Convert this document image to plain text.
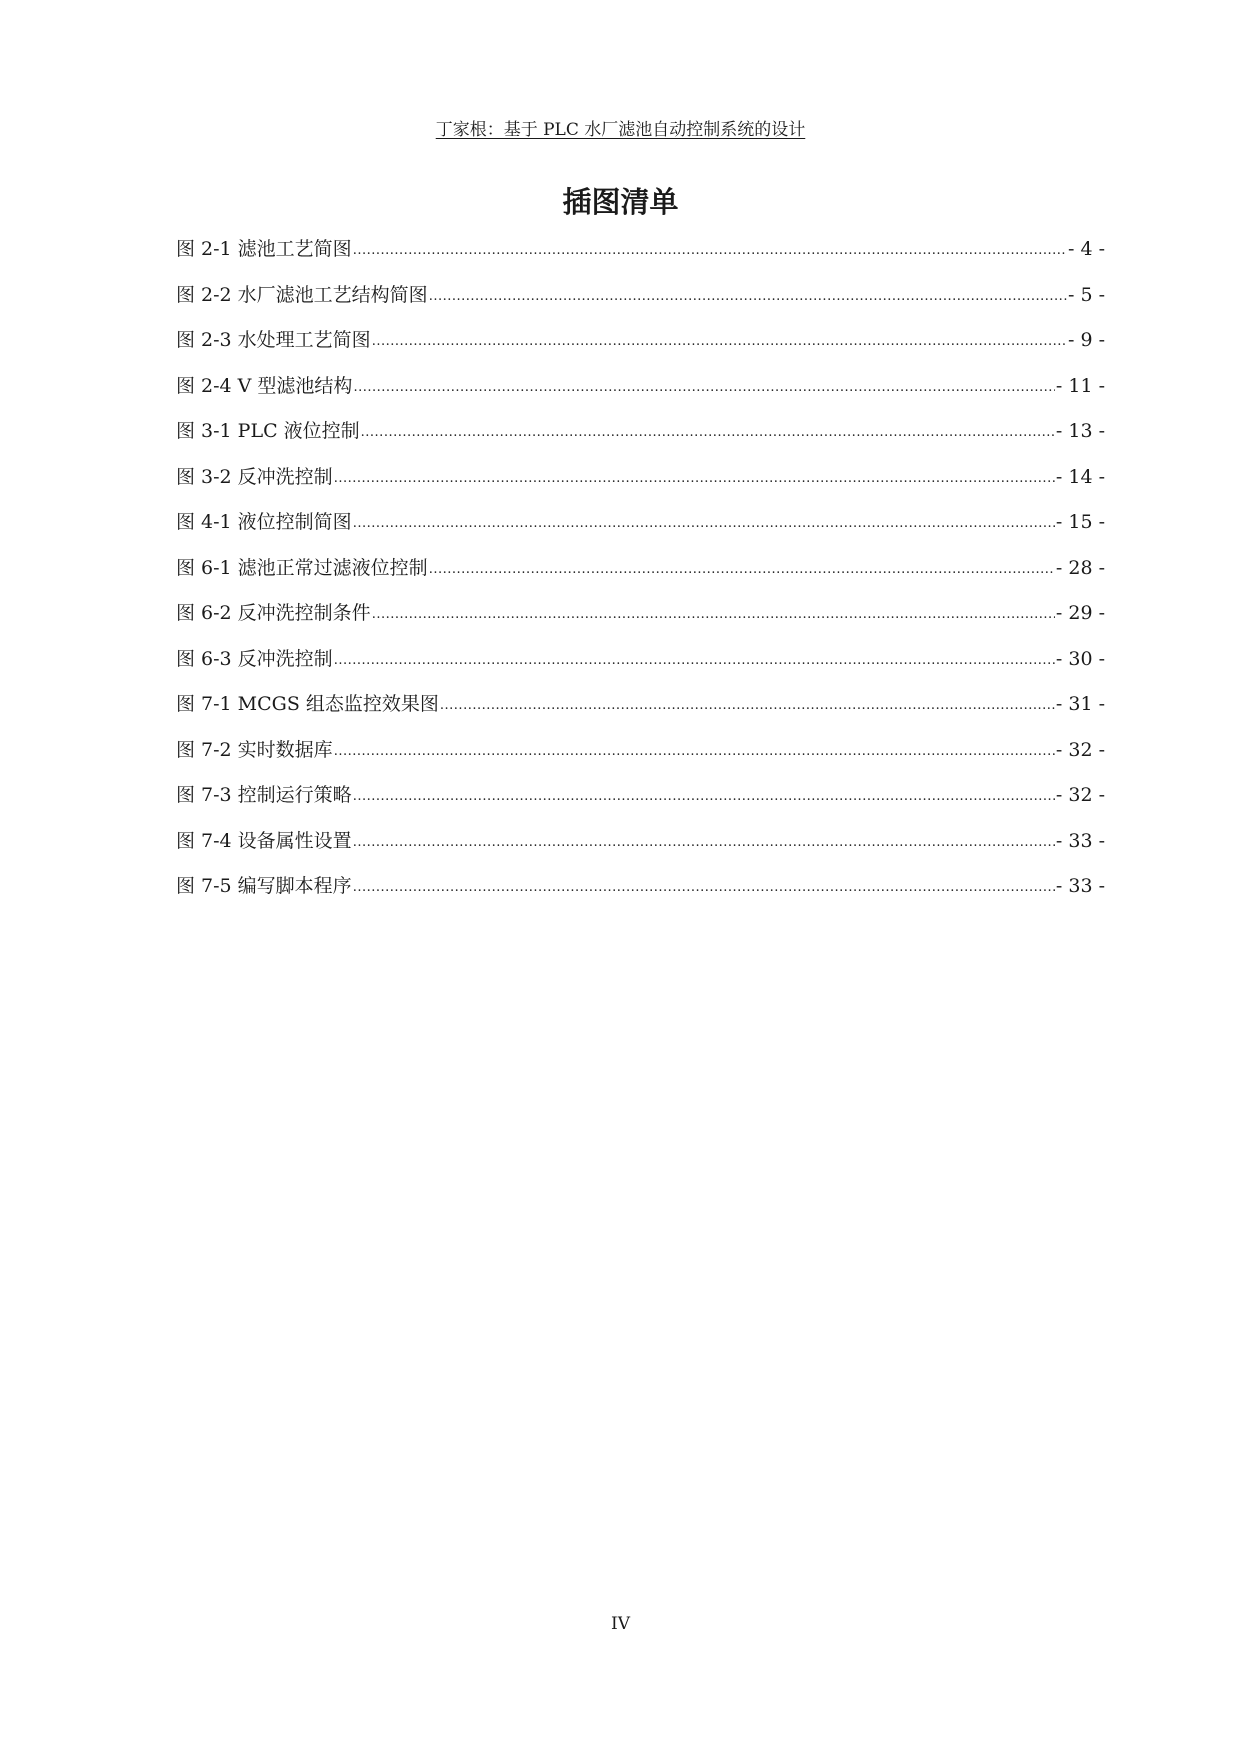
丁家根：基于 PLC 水厂滤池自动控制系统的设计
插图清单
图 2-1 滤池工艺简图 .....	- 4 -
图 2-2 水厂滤池工艺结构简图 .....	- 5 -
图 2-3 水处理工艺简图 .....	- 9 -
图 2-4 V 型滤池结构 .....	- 11 -
图 3-1 PLC 液位控制 .....	- 13 -
图 3-2 反冲洗控制 .....	- 14 -
图 4-1 液位控制简图 .....	- 15 -
图 6-1 滤池正常过滤液位控制 .....	- 28 -
图 6-2 反冲洗控制条件 .....	- 29 -
图 6-3 反冲洗控制 .....	- 30 -
图 7-1 MCGS 组态监控效果图 .....	- 31 -
图 7-2 实时数据库 .....	- 32 -
图 7-3 控制运行策略 .....	- 32 -
图 7-4 设备属性设置 .....	- 33 -
图 7-5 编写脚本程序 .....	- 33 -
IV
